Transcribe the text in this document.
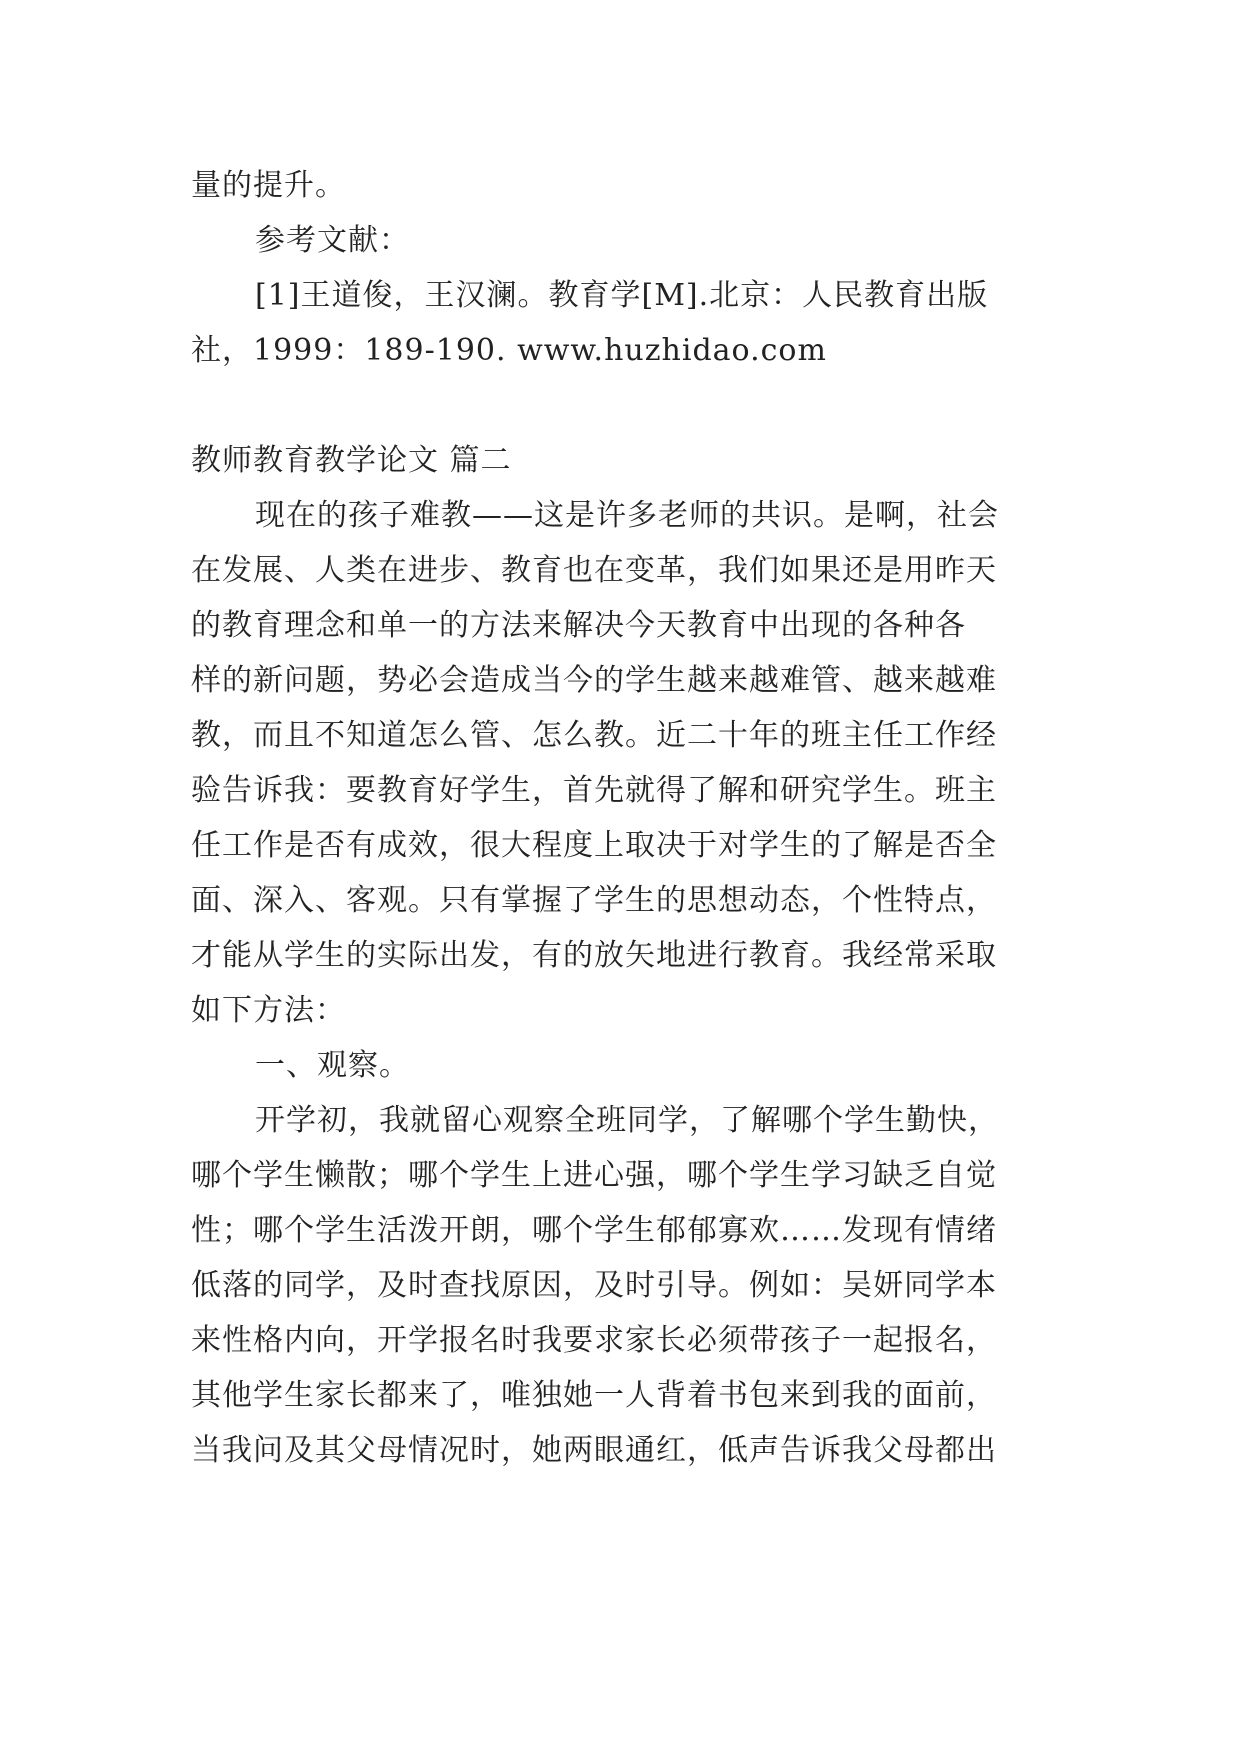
量的提升。
参考文献：
[1]王道俊，王汉澜。教育学[M].北京：人民教育出版
社，1999：189-190. www.huzhidao.com
教师教育教学论文 篇二
现在的孩子难教——这是许多老师的共识。是啊，社会
在发展、人类在进步、教育也在变革，我们如果还是用昨天
的教育理念和单一的方法来解决今天教育中出现的各种各
样的新问题，势必会造成当今的学生越来越难管、越来越难
教，而且不知道怎么管、怎么教。近二十年的班主任工作经
验告诉我：要教育好学生，首先就得了解和研究学生。班主
任工作是否有成效，很大程度上取决于对学生的了解是否全
面、深入、客观。只有掌握了学生的思想动态，个性特点，
才能从学生的实际出发，有的放矢地进行教育。我经常采取
如下方法：
一、观察。
开学初，我就留心观察全班同学，了解哪个学生勤快，
哪个学生懒散；哪个学生上进心强，哪个学生学习缺乏自觉
性；哪个学生活泼开朗，哪个学生郁郁寡欢……发现有情绪
低落的同学，及时查找原因，及时引导。例如：吴妍同学本
来性格内向，开学报名时我要求家长必须带孩子一起报名，
其他学生家长都来了，唯独她一人背着书包来到我的面前，
当我问及其父母情况时，她两眼通红，低声告诉我父母都出
